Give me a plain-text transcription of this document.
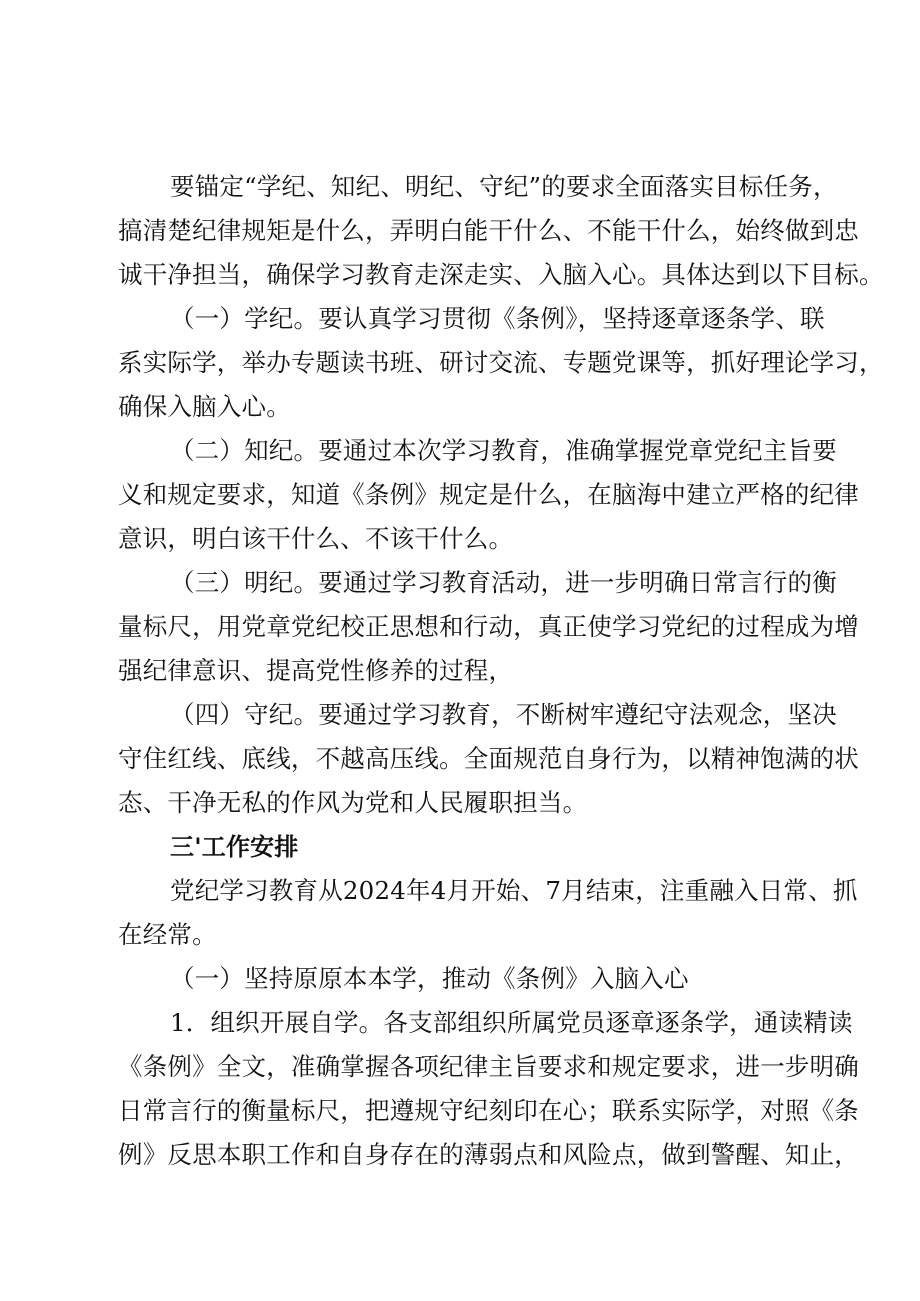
要锚定“学纪、知纪、明纪、守纪”的要求全面落实目标任务，
搞清楚纪律规矩是什么，弄明白能干什么、不能干什么，始终做到忠
诚干净担当，确保学习教育走深走实、入脑入心。具体达到以下目标。
（一）学纪。要认真学习贯彻《条例》，坚持逐章逐条学、联
系实际学，举办专题读书班、研讨交流、专题党课等，抓好理论学习，
确保入脑入心。
（二）知纪。要通过本次学习教育，准确掌握党章党纪主旨要
义和规定要求，知道《条例》规定是什么，在脑海中建立严格的纪律
意识，明白该干什么、不该干什么。
（三）明纪。要通过学习教育活动，进一步明确日常言行的衡
量标尺，用党章党纪校正思想和行动，真正使学习党纪的过程成为增
强纪律意识、提高党性修养的过程，
（四）守纪。要通过学习教育，不断树牢遵纪守法观念，坚决
守住红线、底线，不越高压线。全面规范自身行为，以精神饱满的状
态、干净无私的作风为党和人民履职担当。
三'工作安排
党纪学习教育从2024年4月开始、7月结束，注重融入日常、抓
在经常。
（一）坚持原原本本学，推动《条例》入脑入心
1．组织开展自学。各支部组织所属党员逐章逐条学，通读精读
《条例》全文，准确掌握各项纪律主旨要求和规定要求，进一步明确
日常言行的衡量标尺，把遵规守纪刻印在心；联系实际学，对照《条
例》反思本职工作和自身存在的薄弱点和风险点，做到警醒、知止，
